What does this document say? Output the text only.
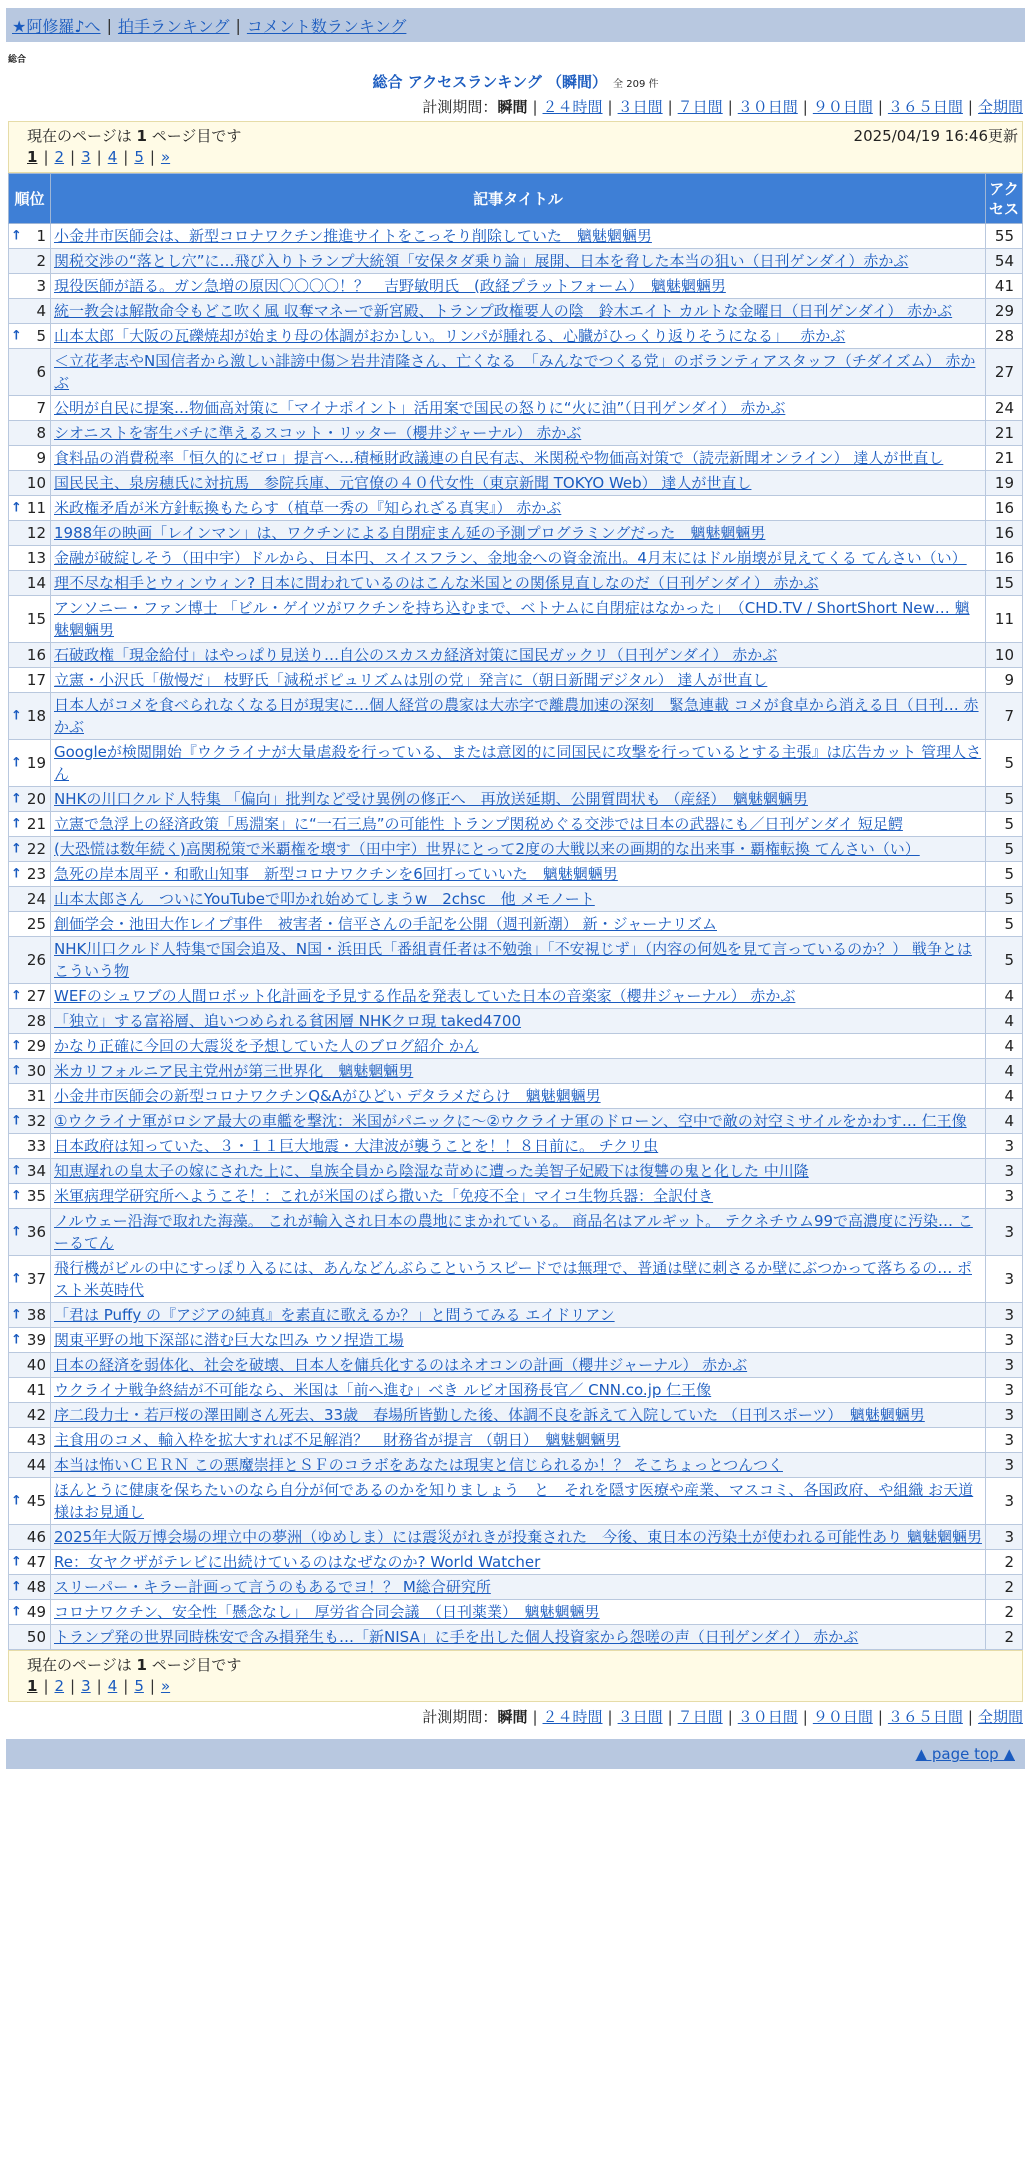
★阿修羅♪へ | 拍手ランキング | コメント数ランキング
総合
総合 アクセスランキング （瞬間） 全 209 件
計測期間：瞬間 | ２４時間 | ３日間 | ７日間 | ３０日間 | ９０日間 | ３６５日間 | 全期間
現在のページは 1 ページ目です	2025/04/19 16:46更新
1 | 2 | 3 | 4 | 5 | »
順位	記事タイトル	アクセス

↑ 1	小金井市医師会は、新型コロナワクチン推進サイトをこっそり削除していた　魑魅魍魎男	55
2	関税交渉の“落とし穴”に…飛び入りトランプ大統領「安保タダ乗り論」展開、日本を脅した本当の狙い（日刊ゲンダイ）赤かぶ	54
3	現役医師が語る。ガン急増の原因〇〇〇〇！？　吉野敏明氏　(政経プラットフォーム）　魑魅魍魎男	41
4	統一教会は解散命令もどこ吹く風 収奪マネーで新宮殿、トランプ政権要人の陰　鈴木エイト カルトな金曜日（日刊ゲンダイ） 赤かぶ	29

↑ 5	山本太郎「大阪の瓦礫焼却が始まり母の体調がおかしい。リンパが腫れる、心臓がひっくり返りそうになる」　 赤かぶ	28
6	＜立花孝志やN国信者から激しい誹謗中傷＞岩井清隆さん、亡くなる　「みんなでつくる党」のボランティアスタッフ（チダイズム） 赤かぶ	27
7	公明が自民に提案…物価高対策に「マイナポイント」活用案で国民の怒りに“火に油”（日刊ゲンダイ） 赤かぶ	24
8	シオニストを寄生バチに準えるスコット・リッター（櫻井ジャーナル） 赤かぶ	21
9	食料品の消費税率「恒久的にゼロ」提言へ…積極財政議連の自民有志、米関税や物価高対策で（読売新聞オンライン） 達人が世直し	21
10	国民民主、泉房穂氏に対抗馬　参院兵庫、元官僚の４０代女性（東京新聞 TOKYO Web） 達人が世直し	19

↑ 11	米政権矛盾が米方針転換もたらす（植草一秀の『知られざる真実』） 赤かぶ	16
12	1988年の映画「レインマン」は、ワクチンによる自閉症まん延の予測プログラミングだった　魑魅魍魎男	16
13	金融が破綻しそう（田中宇）ドルから、日本円、スイスフラン、金地金への資金流出。4月末にはドル崩壊が見えてくる てんさい（い）	16
14	理不尽な相手とウィンウィン? 日本に問われているのはこんな米国との関係見直しなのだ（日刊ゲンダイ） 赤かぶ	15
15	アンソニー・ファン博士 「ビル・ゲイツがワクチンを持ち込むまで、ベトナムに自閉症はなかった」　（CHD.TV / ShortShort New… 魑魅魍魎男	11
16	石破政権「現金給付」はやっぱり見送り…自公のスカスカ経済対策に国民ガックリ（日刊ゲンダイ） 赤かぶ	10
17	立憲・小沢氏「傲慢だ」 枝野氏「減税ポピュリズムは別の党」発言に（朝日新聞デジタル） 達人が世直し	9

↑ 18	日本人がコメを食べられなくなる日が現実に…個人経営の農家は大赤字で離農加速の深刻　緊急連載 コメが食卓から消える日（日刊… 赤かぶ	7

↑ 19	Googleが検閲開始『ウクライナが大量虐殺を行っている、または意図的に同国民に攻撃を行っているとする主張』は広告カット 管理人さん	5

↑ 20	NHKの川口クルド人特集 「偏向」批判など受け異例の修正へ　再放送延期、公開質問状も （産経）　魑魅魍魎男	5

↑ 21	立憲で急浮上の経済政策「馬淵案」に“一石三鳥”の可能性 トランプ関税めぐる交渉では日本の武器にも／日刊ゲンダイ 短足鰐	5

↑ 22	(大恐慌は数年続く)高関税策で米覇権を壊す（田中宇）世界にとって2度の大戦以来の画期的な出来事・覇権転換 てんさい（い）	5

↑ 23	急死の岸本周平・和歌山知事　新型コロナワクチンを6回打っていいた　魑魅魍魎男	5
24	山本太郎さん　ついにYouTubeで叩かれ始めてしまうw　2chsc　他 メモノート	5
25	創価学会・池田大作レイプ事件　被害者・信平さんの手記を公開（週刊新潮） 新・ジャーナリズム	5
26	NHK川口クルド人特集で国会追及、N国・浜田氏「番組責任者は不勉強」「不安視じず」（内容の何処を見て言っているのか？） 戦争とはこういう物	5

↑ 27	WEFのシュワブの人間ロボット化計画を予見する作品を発表していた日本の音楽家（櫻井ジャーナル） 赤かぶ	4
28	「独立」する富裕層、追いつめられる貧困層 NHKクロ現 taked4700	4

↑ 29	かなり正確に今回の大震災を予想していた人のブログ紹介 かん	4

↑ 30	米カリフォルニア民主党州が第三世界化　魑魅魍魎男	4
31	小金井市医師会の新型コロナワクチンQ&Aがひどい デタラメだらけ　魑魅魍魎男	4

↑ 32	①ウクライナ軍がロシア最大の車艦を撃沈：米国がパニックに～②ウクライナ軍のドローン、空中で敵の対空ミサイルをかわす… 仁王像	4
33	日本政府は知っていた、３・１１巨大地震・大津波が襲うことを！！８日前に。 チクリ虫	3

↑ 34	知恵遅れの皇太子の嫁にされた上に、皇族全員から陰湿な苛めに遭った美智子妃殿下は復讐の鬼と化した 中川隆	3

↑ 35	米軍病理学研究所へようこそ！：これが米国のばら撒いた「免疫不全」マイコ生物兵器：全訳付き	3

↑ 36	ノルウェー沿海で取れた海藻。 これが輸入され日本の農地にまかれている。 商品名はアルギット。 テクネチウム99で高濃度に汚染… こーるてん	3

↑ 37	飛行機がビルの中にすっぽり入るには、あんなどんぶらこというスピードでは無理で、普通は壁に刺さるか壁にぶつかって落ちるの… ポスト米英時代	3

↑ 38	「君は Puffy の『アジアの純真』を素直に歌えるか？」と問うてみる エイドリアン	3

↑ 39	関東平野の地下深部に潜む巨大な凹み ウソ捏造工場	3
40	日本の経済を弱体化、社会を破壊、日本人を傭兵化するのはネオコンの計画（櫻井ジャーナル） 赤かぶ	3
41	ウクライナ戦争終結が不可能なら、米国は「前へ進む」べき ルビオ国務長官／ CNN.co.jp 仁王像	3
42	序二段力士・若戸桜の澤田剛さん死去、33歳　春場所皆勤した後、体調不良を訴えて入院していた （日刊スポーツ）　魑魅魍魎男	3
43	主食用のコメ、輸入枠を拡大すれば不足解消？　財務省が提言 （朝日）　魑魅魍魎男	3
44	本当は怖いＣＥＲＮ この悪魔崇拝とＳＦのコラボをあなたは現実と信じられるか！？ そこちょっとつんつく	3

↑ 45	ほんとうに健康を保ちたいのなら自分が何であるのかを知りましょう　と　それを隠す医療や産業、マスコミ、各国政府、や組織 お天道様はお見通し	3
46	2025年大阪万博会場の埋立中の夢洲（ゆめしま）には震災がれきが投棄された　今後、東日本の汚染土が使われる可能性あり 魑魅魍魎男	3

↑ 47	Re：女ヤクザがテレビに出続けているのはなぜなのか? World Watcher	2

↑ 48	スリーパー・キラー計画って言うのもあるでヨ！？ M総合研究所	2

↑ 49	コロナワクチン、安全性「懸念なし」　厚労省合同会議　（日刊薬業）　魑魅魍魎男	2
50	トランプ発の世界同時株安で含み損発生も…「新NISA」に手を出した個人投資家から怨嗟の声（日刊ゲンダイ） 赤かぶ	2
現在のページは 1 ページ目です
1 | 2 | 3 | 4 | 5 | »
計測期間：瞬間 | ２４時間 | ３日間 | ７日間 | ３０日間 | ９０日間 | ３６５日間 | 全期間
▲ page top ▲
